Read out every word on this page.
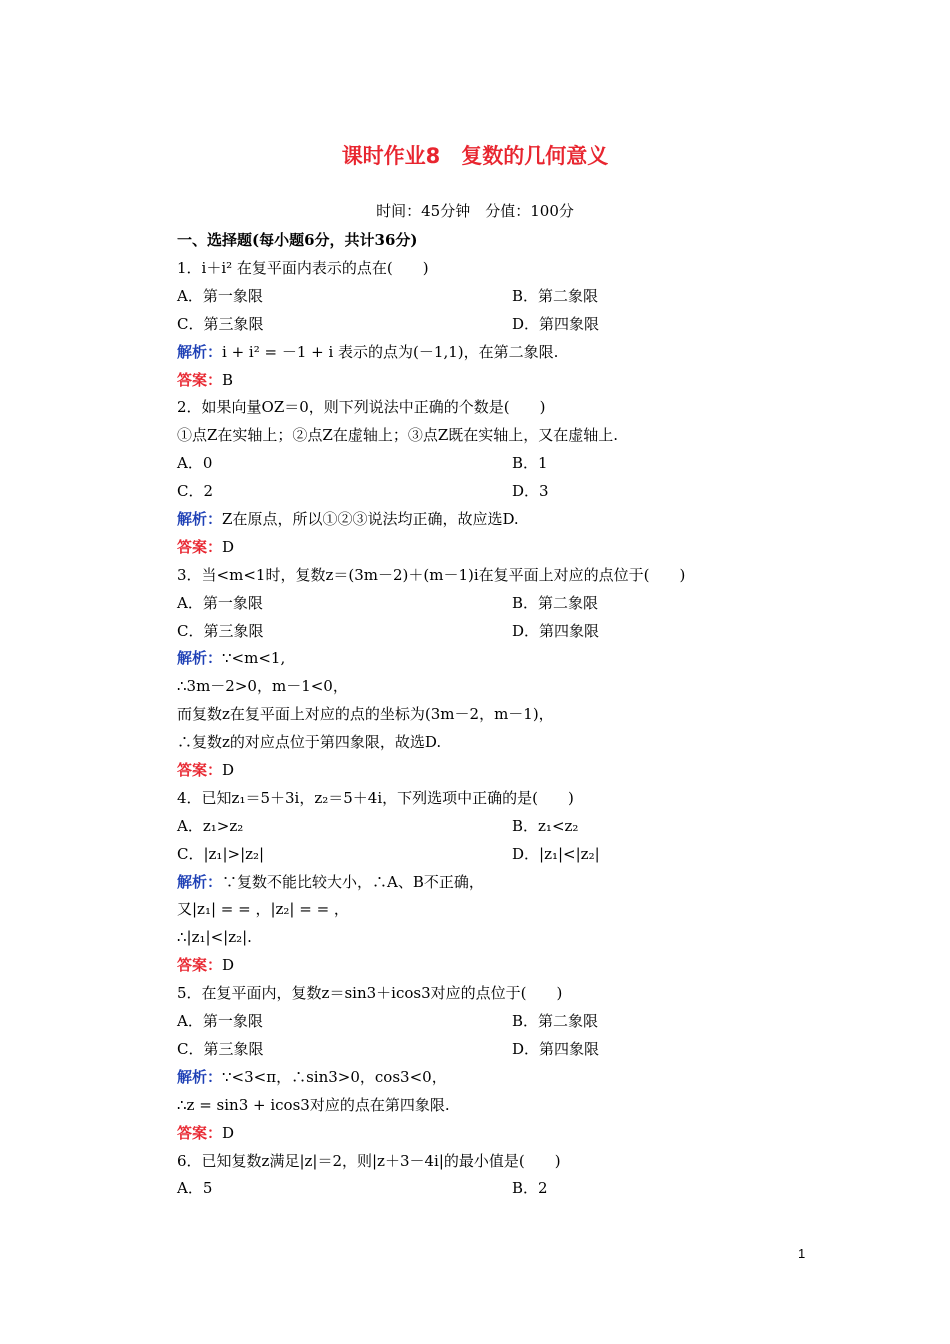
课时作业8　复数的几何意义
时间：45分钟　分值：100分
一、选择题(每小题6分，共计36分)
1．i＋i² 在复平面内表示的点在(　　)
A．第一象限	B．第二象限
C．第三象限	D．第四象限
解析：i + i² = －1 + i 表示的点为(－1,1)，在第二象限.
答案：B
2．如果向量OZ＝0，则下列说法中正确的个数是(　　)
①点Z在实轴上；②点Z在虚轴上；③点Z既在实轴上，又在虚轴上.
A．0	B．1
C．2	D．3
解析：Z在原点，所以①②③说法均正确，故应选D.
答案：D
3．当<m<1时，复数z＝(3m－2)＋(m－1)i在复平面上对应的点位于(　　)
A．第一象限	B．第二象限
C．第三象限	D．第四象限
解析：∵<m<1,
∴3m－2>0，m－1<0，
而复数z在复平面上对应的点的坐标为(3m－2，m－1)，
∴复数z的对应点位于第四象限，故选D.
答案：D
4．已知z₁＝5＋3i，z₂＝5＋4i，下列选项中正确的是(　　)
A．z₁>z₂	B．z₁<z₂
C．|z₁|>|z₂|	D．|z₁|<|z₂|
解析：∵复数不能比较大小，∴A、B不正确，
又|z₁| = = ，|z₂| = = ，
∴|z₁|<|z₂|.
答案：D
5．在复平面内，复数z＝sin3＋icos3对应的点位于(　　)
A．第一象限	B．第二象限
C．第三象限	D．第四象限
解析：∵<3<π，∴sin3>0，cos3<0，
∴z = sin3 + icos3对应的点在第四象限.
答案：D
6．已知复数z满足|z|＝2，则|z＋3－4i|的最小值是(　　)
A．5	B．2
1
